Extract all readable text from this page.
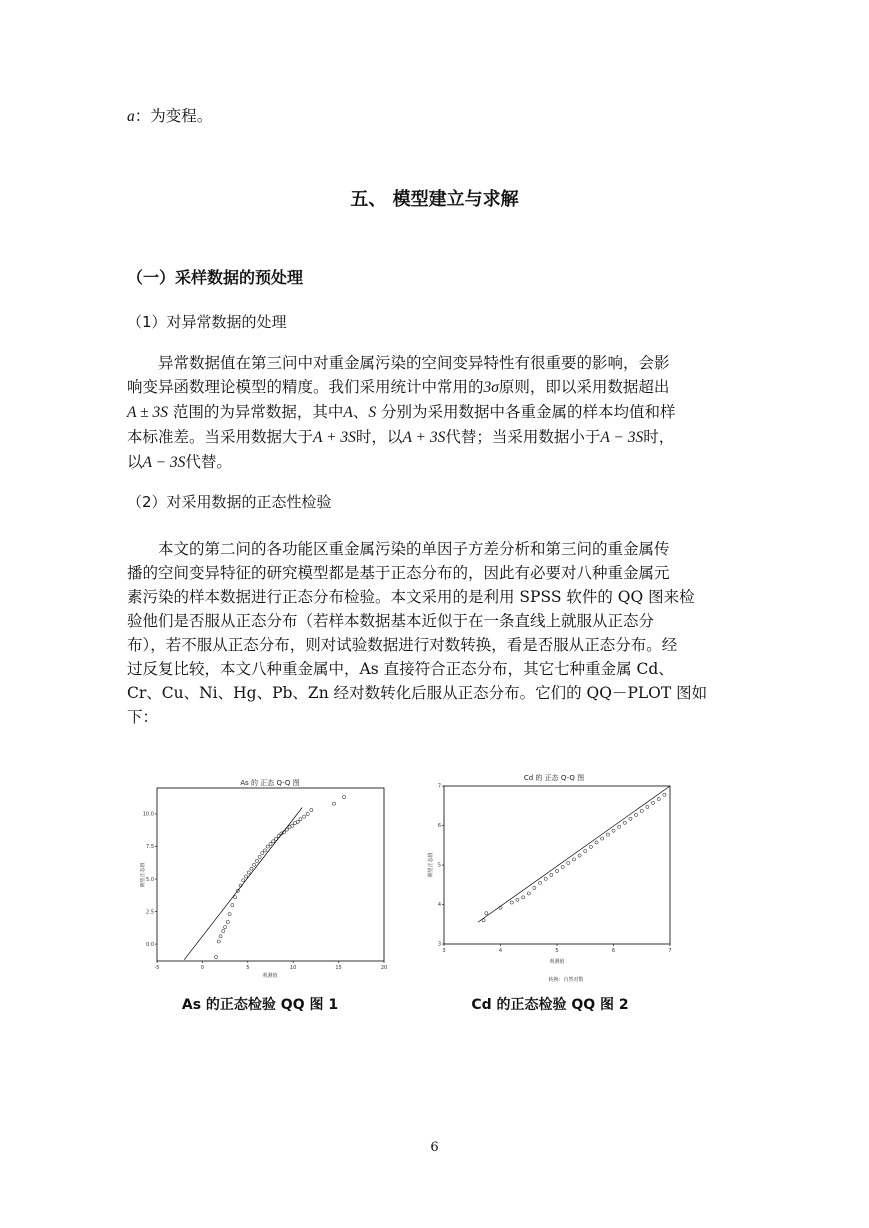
a：为变程。
五、 模型建立与求解
（一）采样数据的预处理
（1）对异常数据的处理

异常数据值在第三问中对重金属污染的空间变异特性有很重要的影响，会影

响变异函数理论模型的精度。我们采用统计中常用的3σ原则，即以采用数据超出

A ± 3S 范围的为异常数据，其中A、S 分别为采用数据中各重金属的样本均值和样

本标准差。当采用数据大于A + 3S时，以A + 3S代替；当采用数据小于A − 3S时，

以A − 3S代替。

（2）对采用数据的正态性检验

本文的第二问的各功能区重金属污染的单因子方差分析和第三问的重金属传

播的空间变异特征的研究模型都是基于正态分布的，因此有必要对八种重金属元

素污染的样本数据进行正态分布检验。本文采用的是利用 SPSS 软件的 QQ 图来检

验他们是否服从正态分布（若样本数据基本近似于在一条直线上就服从正态分

布），若不服从正态分布，则对试验数据进行对数转换，看是否服从正态分布。经

过反复比较，本文八种重金属中，As 直接符合正态分布，其它七种重金属 Cd、

Cr、Cu、Ni、Hg、Pb、Zn 经对数转化后服从正态分布。它们的 QQ－PLOT 图如

下：

As 的 正态 Q-Q 图
-5	0	5	10	15	20
0.0
2.5
5.0
7.5
10.0
观测值
期望正态值
Cd 的 正态 Q-Q 图
3	4	5	6	7
3
4
5
6
7
观测值
转换：自然对数
期望正态值
As 的正态检验 QQ 图 1	Cd 的正态检验 QQ 图 2
6
